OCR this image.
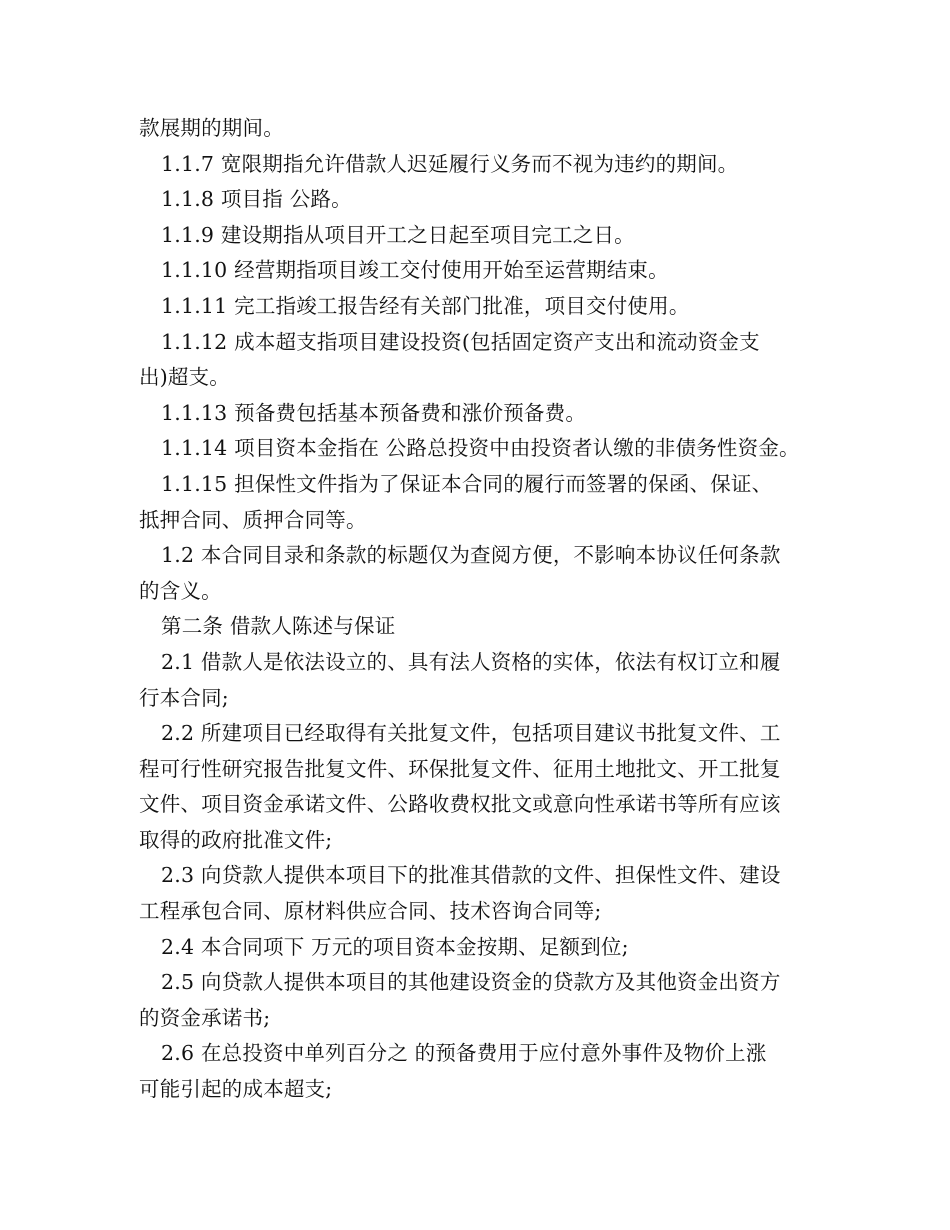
款展期的期间。

1.1.7 宽限期指允许借款人迟延履行义务而不视为违约的期间。

1.1.8 项目指 公路。

1.1.9 建设期指从项目开工之日起至项目完工之日。

1.1.10 经营期指项目竣工交付使用开始至运营期结束。

1.1.11 完工指竣工报告经有关部门批准，项目交付使用。

1.1.12 成本超支指项目建设投资(包括固定资产支出和流动资金支

出)超支。

1.1.13 预备费包括基本预备费和涨价预备费。

1.1.14 项目资本金指在 公路总投资中由投资者认缴的非债务性资金。

1.1.15 担保性文件指为了保证本合同的履行而签署的保函、保证、

抵押合同、质押合同等。

1.2 本合同目录和条款的标题仅为查阅方便，不影响本协议任何条款

的含义。

第二条 借款人陈述与保证

2.1 借款人是依法设立的、具有法人资格的实体，依法有权订立和履

行本合同;

2.2 所建项目已经取得有关批复文件，包括项目建议书批复文件、工

程可行性研究报告批复文件、环保批复文件、征用土地批文、开工批复

文件、项目资金承诺文件、公路收费权批文或意向性承诺书等所有应该

取得的政府批准文件;

2.3 向贷款人提供本项目下的批准其借款的文件、担保性文件、建设

工程承包合同、原材料供应合同、技术咨询合同等;

2.4 本合同项下 万元的项目资本金按期、足额到位;

2.5 向贷款人提供本项目的其他建设资金的贷款方及其他资金出资方

的资金承诺书;

2.6 在总投资中单列百分之 的预备费用于应付意外事件及物价上涨

可能引起的成本超支;
